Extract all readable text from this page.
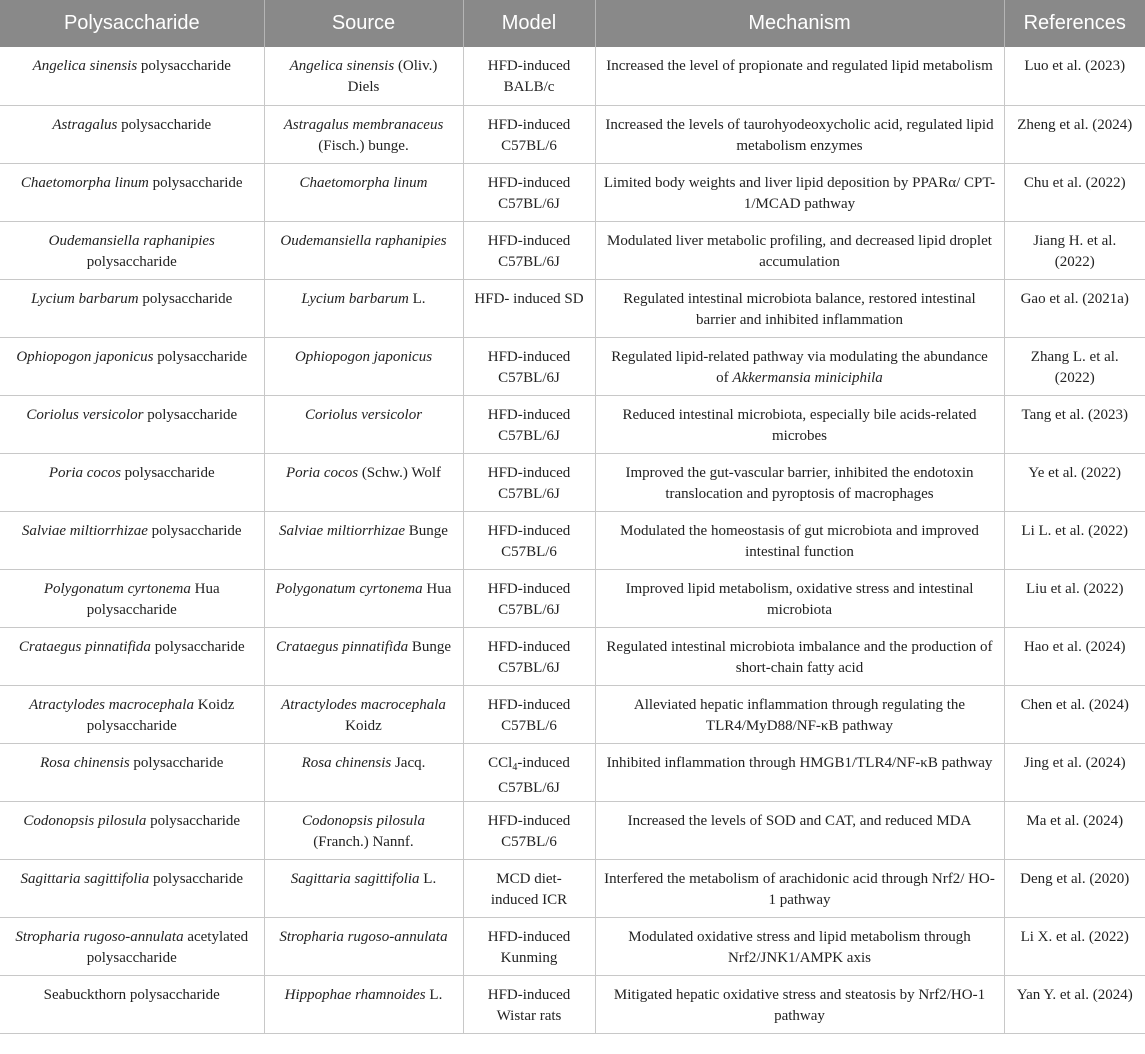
Polysaccharide	Source	Model	Mechanism	References
Angelica sinensis polysaccharide	Angelica sinensis (Oliv.) Diels	HFD-induced BALB/c	Increased the level of propionate and regulated lipid metabolism	Luo et al. (2023)
Astragalus polysaccharide	Astragalus membranaceus (Fisch.) bunge.	HFD-induced C57BL/6	Increased the levels of taurohyodeoxycholic acid, regulated lipid metabolism enzymes	Zheng et al. (2024)
Chaetomorpha linum polysaccharide	Chaetomorpha linum	HFD-induced C57BL/6J	Limited body weights and liver lipid deposition by PPARα/ CPT-1/MCAD pathway	Chu et al. (2022)
Oudemansiella raphanipies polysaccharide	Oudemansiella raphanipies	HFD-induced C57BL/6J	Modulated liver metabolic profiling, and decreased lipid droplet accumulation	Jiang H. et al. (2022)
Lycium barbarum polysaccharide	Lycium barbarum L.	HFD- induced SD	Regulated intestinal microbiota balance, restored intestinal barrier and inhibited inflammation	Gao et al. (2021a)
Ophiopogon japonicus polysaccharide	Ophiopogon japonicus	HFD-induced C57BL/6J	Regulated lipid-related pathway via modulating the abundance of Akkermansia miniciphila	Zhang L. et al. (2022)
Coriolus versicolor polysaccharide	Coriolus versicolor	HFD-induced C57BL/6J	Reduced intestinal microbiota, especially bile acids-related microbes	Tang et al. (2023)
Poria cocos polysaccharide	Poria cocos (Schw.) Wolf	HFD-induced C57BL/6J	Improved the gut-vascular barrier, inhibited the endotoxin translocation and pyroptosis of macrophages	Ye et al. (2022)
Salviae miltiorrhizae polysaccharide	Salviae miltiorrhizae Bunge	HFD-induced C57BL/6	Modulated the homeostasis of gut microbiota and improved intestinal function	Li L. et al. (2022)
Polygonatum cyrtonema Hua polysaccharide	Polygonatum cyrtonema Hua	HFD-induced C57BL/6J	Improved lipid metabolism, oxidative stress and intestinal microbiota	Liu et al. (2022)
Crataegus pinnatifida polysaccharide	Crataegus pinnatifida Bunge	HFD-induced C57BL/6J	Regulated intestinal microbiota imbalance and the production of short-chain fatty acid	Hao et al. (2024)
Atractylodes macrocephala Koidz polysaccharide	Atractylodes macrocephala Koidz	HFD-induced C57BL/6	Alleviated hepatic inflammation through regulating the TLR4/MyD88/NF-κB pathway	Chen et al. (2024)
Rosa chinensis polysaccharide	Rosa chinensis Jacq.	CCl$_4$-induced C57BL/6J	Inhibited inflammation through HMGB1/TLR4/NF-κB pathway	Jing et al. (2024)
Codonopsis pilosula polysaccharide	Codonopsis pilosula (Franch.) Nannf.	HFD-induced C57BL/6	Increased the levels of SOD and CAT, and reduced MDA	Ma et al. (2024)
Sagittaria sagittifolia polysaccharide	Sagittaria sagittifolia L.	MCD diet- induced ICR	Interfered the metabolism of arachidonic acid through Nrf2/ HO-1 pathway	Deng et al. (2020)
Stropharia rugoso-annulata acetylated polysaccharide	Stropharia rugoso-annulata	HFD-induced Kunming	Modulated oxidative stress and lipid metabolism through Nrf2/JNK1/AMPK axis	Li X. et al. (2022)
Seabuckthorn polysaccharide	Hippophae rhamnoides L.	HFD-induced Wistar rats	Mitigated hepatic oxidative stress and steatosis by Nrf2/HO-1 pathway	Yan Y. et al. (2024)
